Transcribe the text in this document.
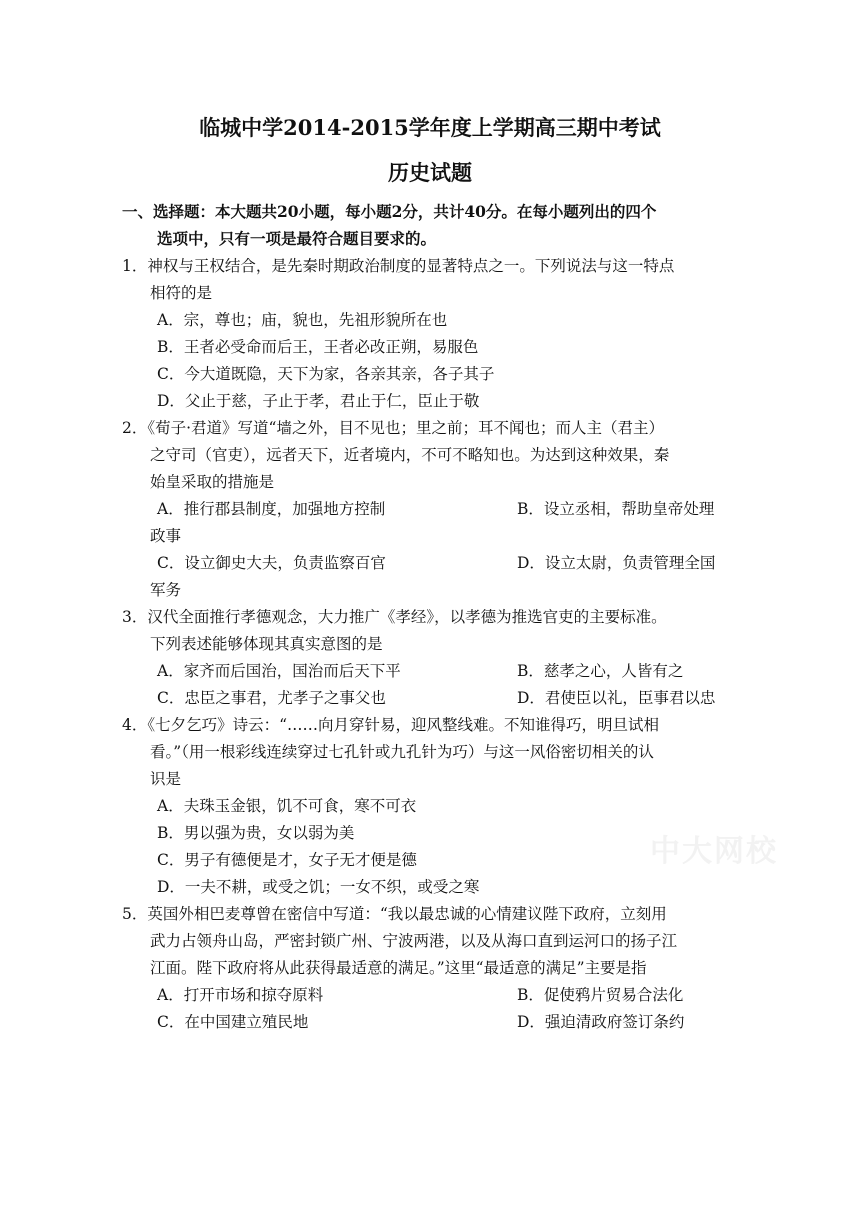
临城中学2014-2015学年度上学期高三期中考试
历史试题
一、选择题：本大题共20小题，每小题2分，共计40分。在每小题列出的四个
选项中，只有一项是最符合题目要求的。
1．神权与王权结合，是先秦时期政治制度的显著特点之一。下列说法与这一特点
相符的是
A．宗，尊也；庙，貌也，先祖形貌所在也
B．王者必受命而后王，王者必改正朔，易服色
C．今大道既隐，天下为家，各亲其亲，各子其子
D．父止于慈，子止于孝，君止于仁，臣止于敬
2．《荀子·君道》写道“墙之外，目不见也；里之前；耳不闻也；而人主（君主）
之守司（官吏），远者天下，近者境内，不可不略知也。为达到这种效果，秦
始皇采取的措施是
A．推行郡县制度，加强地方控制	B．设立丞相，帮助皇帝处理
政事
C．设立御史大夫，负责监察百官	D．设立太尉，负责管理全国
军务
3．汉代全面推行孝德观念，大力推广《孝经》，以孝德为推选官吏的主要标准。
下列表述能够体现其真实意图的是
A．家齐而后国治，国治而后天下平	B．慈孝之心，人皆有之
C．忠臣之事君，尤孝子之事父也	D．君使臣以礼，臣事君以忠
4．《七夕乞巧》诗云：“……向月穿针易，迎风整线难。不知谁得巧，明旦试相
看。”（用一根彩线连续穿过七孔针或九孔针为巧）与这一风俗密切相关的认
识是
A．夫珠玉金银，饥不可食，寒不可衣
B．男以强为贵，女以弱为美
C．男子有德便是才，女子无才便是德
D．一夫不耕，或受之饥；一女不织，或受之寒
5．英国外相巴麦尊曾在密信中写道：“我以最忠诚的心情建议陛下政府，立刻用
武力占领舟山岛，严密封锁广州、宁波两港，以及从海口直到运河口的扬子江
江面。陛下政府将从此获得最适意的满足。”这里“最适意的满足”主要是指
A．打开市场和掠夺原料	B．促使鸦片贸易合法化
C．在中国建立殖民地	D．强迫清政府签订条约
中大网校
